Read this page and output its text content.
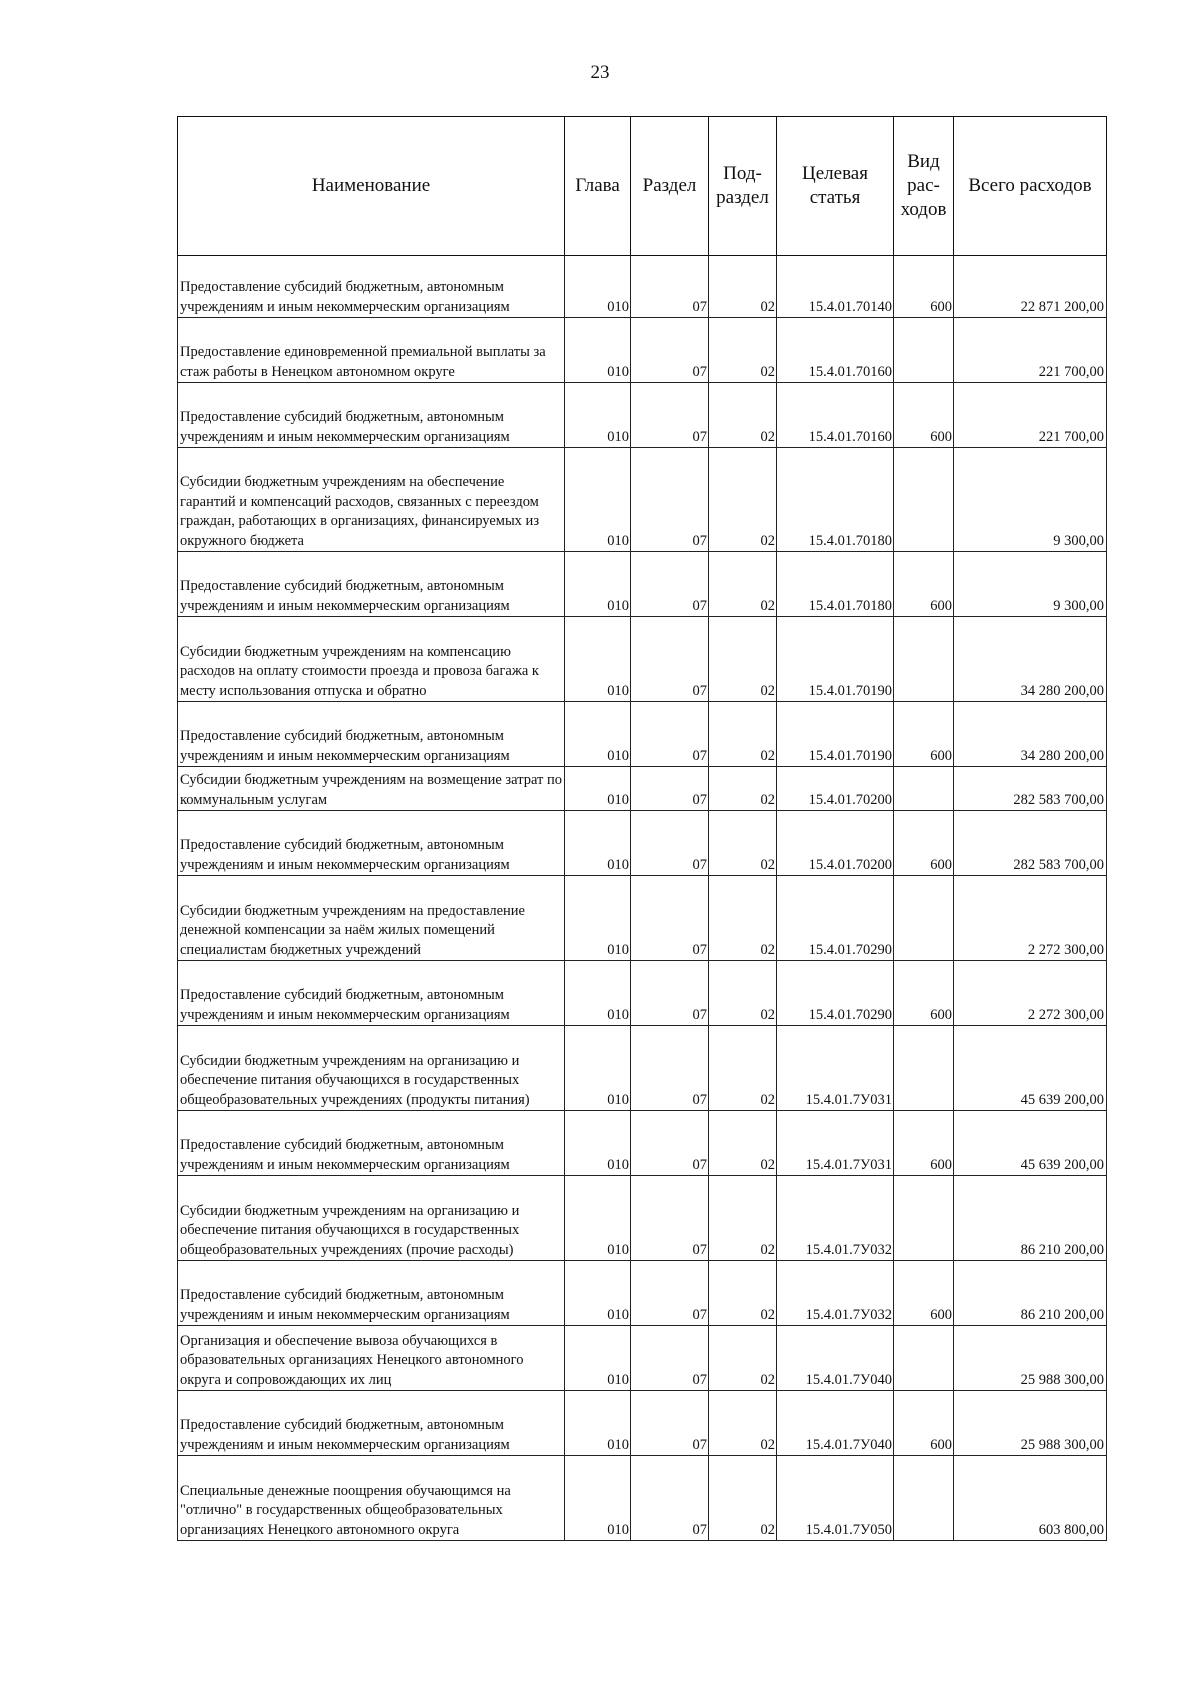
23
Наименование	Глава	Раздел	Под-раздел	Целевая статья	Вид рас-ходов	Всего расходов
Предоставление субсидий бюджетным, автономным учреждениям и иным некоммерческим организациям	010	07	02	15.4.01.70140	600	22 871 200,00
Предоставление единовременной премиальной выплаты за стаж работы в Ненецком автономном округе	010	07	02	15.4.01.70160		221 700,00
Предоставление субсидий бюджетным, автономным учреждениям и иным некоммерческим организациям	010	07	02	15.4.01.70160	600	221 700,00
Субсидии бюджетным учреждениям на обеспечение гарантий и компенсаций расходов, связанных с переездом граждан, работающих в организациях, финансируемых из окружного бюджета	010	07	02	15.4.01.70180		9 300,00
Предоставление субсидий бюджетным, автономным учреждениям и иным некоммерческим организациям	010	07	02	15.4.01.70180	600	9 300,00
Субсидии бюджетным учреждениям на компенсацию расходов на оплату стоимости проезда и провоза багажа к месту использования отпуска и обратно	010	07	02	15.4.01.70190		34 280 200,00
Предоставление субсидий бюджетным, автономным учреждениям и иным некоммерческим организациям	010	07	02	15.4.01.70190	600	34 280 200,00
Субсидии бюджетным учреждениям на возмещение затрат по коммунальным услугам	010	07	02	15.4.01.70200		282 583 700,00
Предоставление субсидий бюджетным, автономным учреждениям и иным некоммерческим организациям	010	07	02	15.4.01.70200	600	282 583 700,00
Субсидии бюджетным учреждениям на предоставление денежной компенсации за наём жилых помещений специалистам бюджетных учреждений	010	07	02	15.4.01.70290		2 272 300,00
Предоставление субсидий бюджетным, автономным учреждениям и иным некоммерческим организациям	010	07	02	15.4.01.70290	600	2 272 300,00
Субсидии бюджетным учреждениям на организацию и обеспечение питания обучающихся в государственных общеобразовательных учреждениях (продукты питания)	010	07	02	15.4.01.7У031		45 639 200,00
Предоставление субсидий бюджетным, автономным учреждениям и иным некоммерческим организациям	010	07	02	15.4.01.7У031	600	45 639 200,00
Субсидии бюджетным учреждениям на организацию и обеспечение питания обучающихся в государственных общеобразовательных учреждениях (прочие расходы)	010	07	02	15.4.01.7У032		86 210 200,00
Предоставление субсидий бюджетным, автономным учреждениям и иным некоммерческим организациям	010	07	02	15.4.01.7У032	600	86 210 200,00
Организация и обеспечение вывоза обучающихся в образовательных организациях Ненецкого автономного округа и сопровождающих их лиц	010	07	02	15.4.01.7У040		25 988 300,00
Предоставление субсидий бюджетным, автономным учреждениям и иным некоммерческим организациям	010	07	02	15.4.01.7У040	600	25 988 300,00
Специальные денежные поощрения обучающимся на "отлично" в государственных общеобразовательных организациях Ненецкого автономного округа	010	07	02	15.4.01.7У050		603 800,00
